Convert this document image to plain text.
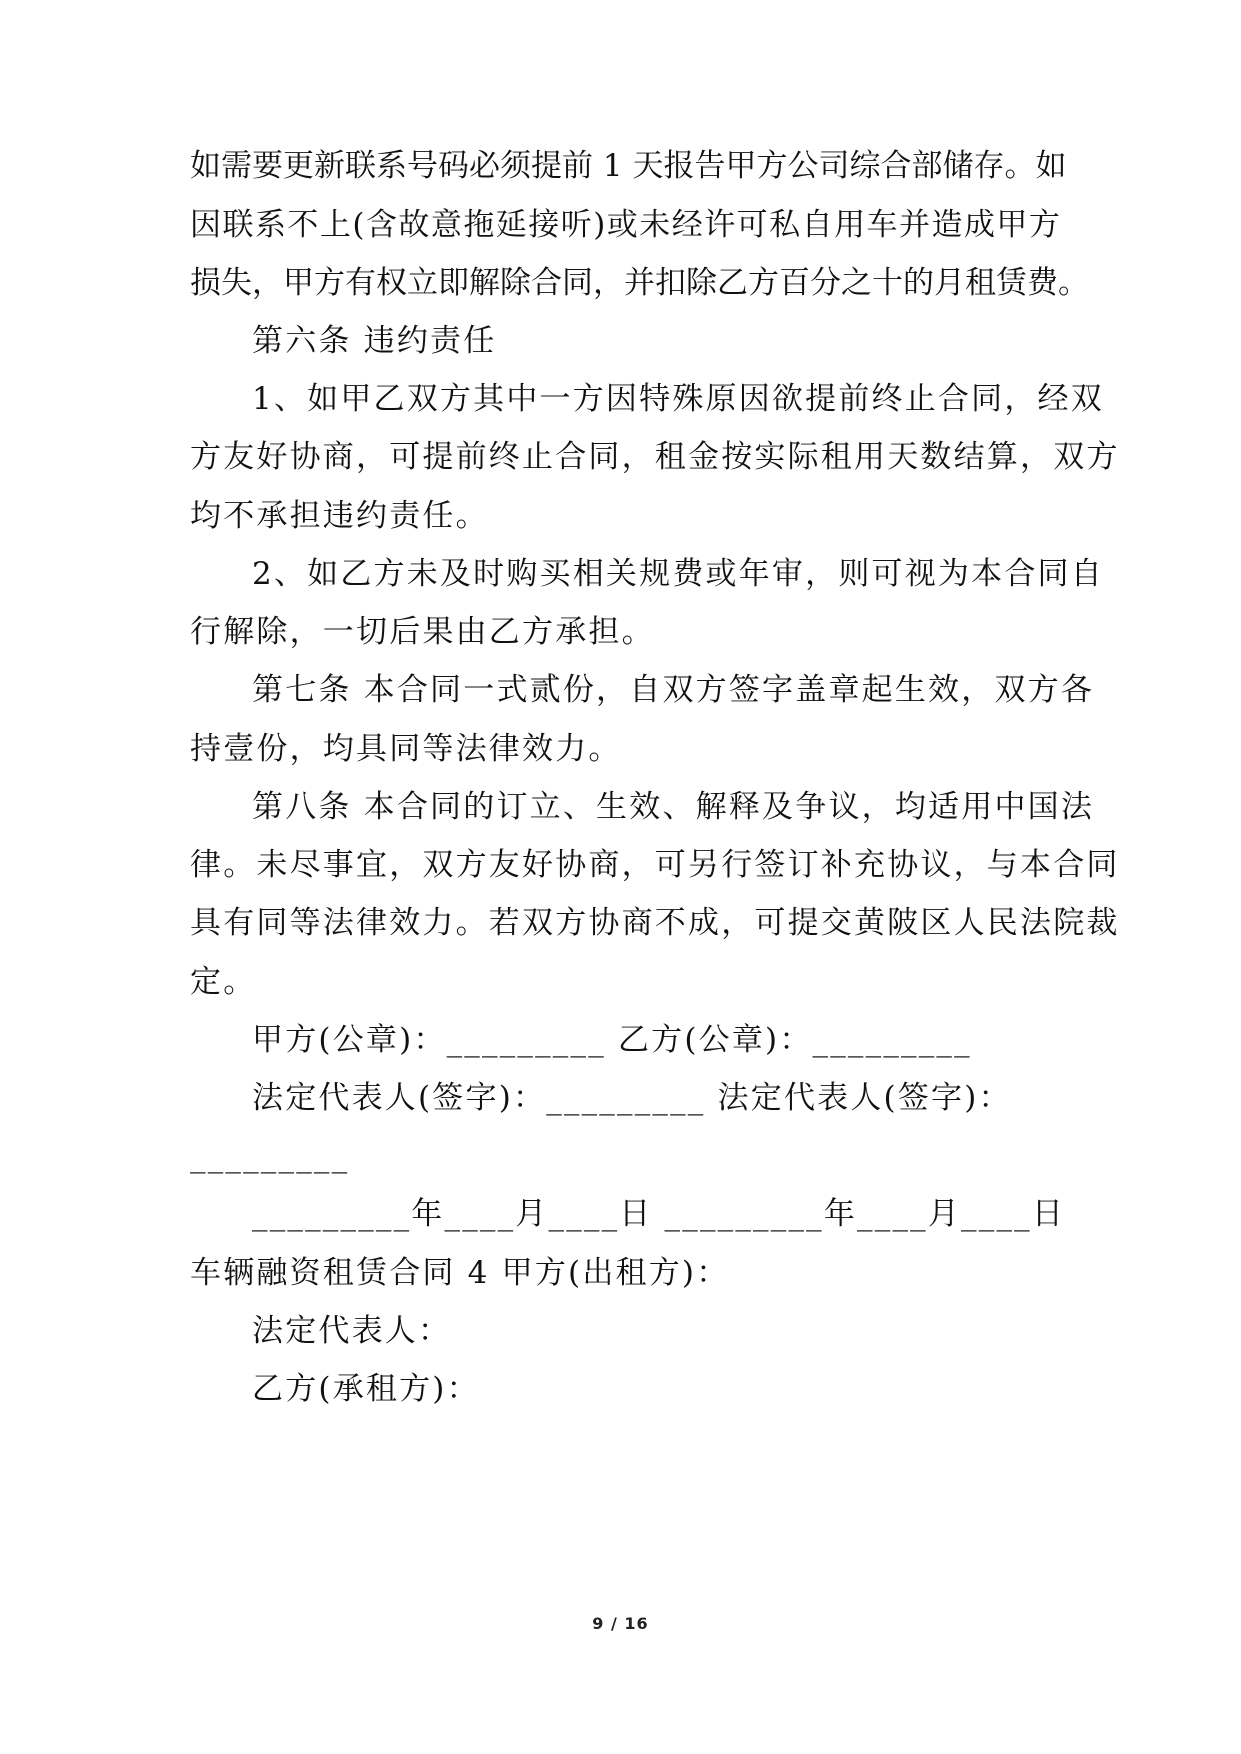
如 需 要 更 新 联 系 号 码 必 须 提 前
1
天 报 告 甲 方 公 司 综 合 部 储 存 。 如
因 联 系 不 上 ( 含 故 意 拖 延 接 听 ) 或 未 经 许 可 私 自 用 车 并 造 成 甲 方
损 失 ， 甲 方 有 权 立 即 解 除 合 同 ， 并 扣 除 乙 方 百 分 之 十 的 月 租 赁 费 。
第六条 违约责任
1、如甲乙双方其中一方因特殊原因欲提前终止合同，经双
方友好协商，可提前终止合同，租金按实际租用天数结算，双方
均不承担违约责任。
2、如乙方未及时购买相关规费或年审，则可视为本合同自
行解除，一切后果由乙方承担。
第七条 本合同一式贰份，自双方签字盖章起生效，双方各
持壹份，均具同等法律效力。
第八条 本合同的订立、生效、解释及争议，均适用中国法
律。未尽事宜，双方友好协商，可另行签订补充协议，与本合同
具有同等法律效力。若双方协商不成，可提交黄陂区人民法院裁
定。
甲方(公章)：_________ 乙方(公章)：_________
法定代表人(签字)：_________ 法定代表人(签字)：
_________
_________年____月____日 _________年____月____日
车辆融资租赁合同 4 甲方(出租方)：
法定代表人：
乙方(承租方)：
9 / 16
